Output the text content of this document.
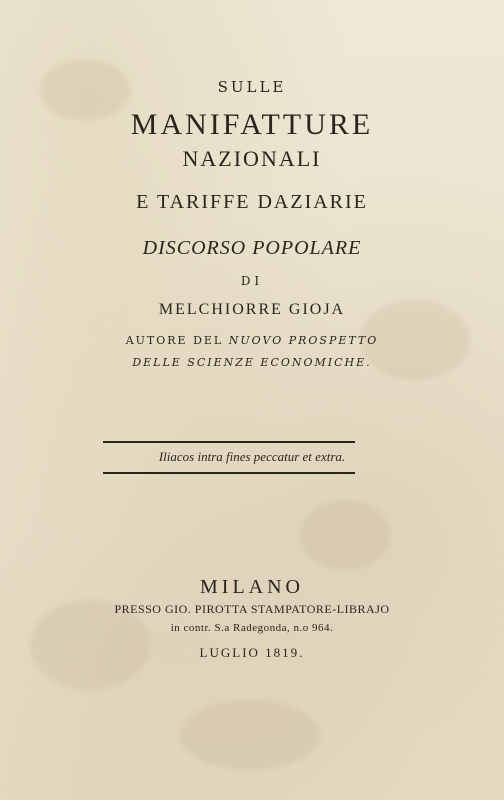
SULLE
MANIFATTURE
NAZIONALI
E TARIFFE DAZIARIE
DISCORSO POPOLARE
DI
MELCHIORRE GIOJA
AUTORE DEL NUOVO PROSPETTO
DELLE SCIENZE ECONOMICHE.
Iliacos intra fines peccatur et extra.
MILANO
PRESSO GIO. PIROTTA STAMPATORE-LIBRAJO
in contr. S.a Radegonda, n.o 964.
LUGLIO 1819.
